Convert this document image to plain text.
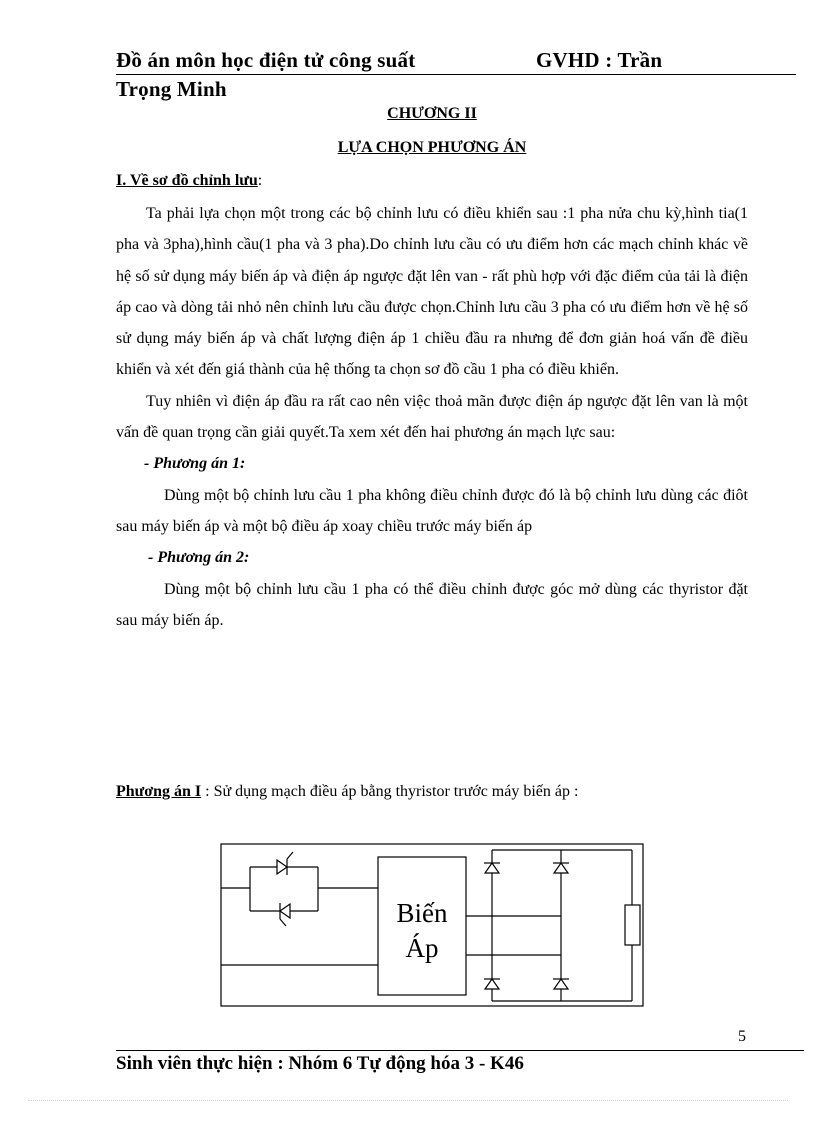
Đồ án môn học điện tử công suất	GVHD : Trần
Trọng Minh
CHƯƠNG II
LỰA CHỌN PHƯƠNG ÁN
I. Về sơ đồ chỉnh lưu:

Ta phải lựa chọn một trong các bộ chỉnh lưu có điều khiển sau :1 pha nửa chu kỳ,hình tia(1 pha và 3pha),hình cầu(1 pha và 3 pha).Do chỉnh lưu cầu có ưu điểm hơn các mạch chỉnh khác về hệ số sử dụng máy biến áp và điện áp ngược đặt lên van - rất phù hợp với đặc điểm của tải là điện áp cao và dòng tải nhỏ nên chỉnh lưu cầu được chọn.Chỉnh lưu cầu 3 pha có ưu điểm hơn về hệ số sử dụng máy biến áp và chất lượng điện áp 1 chiều đầu ra nhưng để đơn giản hoá vấn đề điều khiển và xét đến giá thành của hệ thống ta chọn sơ đồ cầu 1 pha có điều khiển.

Tuy nhiên vì điện áp đầu ra rất cao nên việc thoả mãn được điện áp ngược đặt lên van là một vấn đề quan trọng cần giải quyết.Ta xem xét đến hai phương án mạch lực sau:

- Phương án 1:

Dùng một bộ chỉnh lưu cầu 1 pha không điều chỉnh được đó là bộ chỉnh lưu dùng các điôt sau máy biến áp và một bộ điều áp xoay chiều trước máy biến áp

- Phương án 2:

Dùng một bộ chỉnh lưu cầu 1 pha có thể điều chỉnh được góc mở dùng các thyristor đặt sau máy biến áp.

Phương án I : Sử dụng mạch điều áp bằng thyristor trước máy biến áp :
Biến
Áp
5
Sinh viên thực hiện : Nhóm 6 Tự động hóa 3 - K46
